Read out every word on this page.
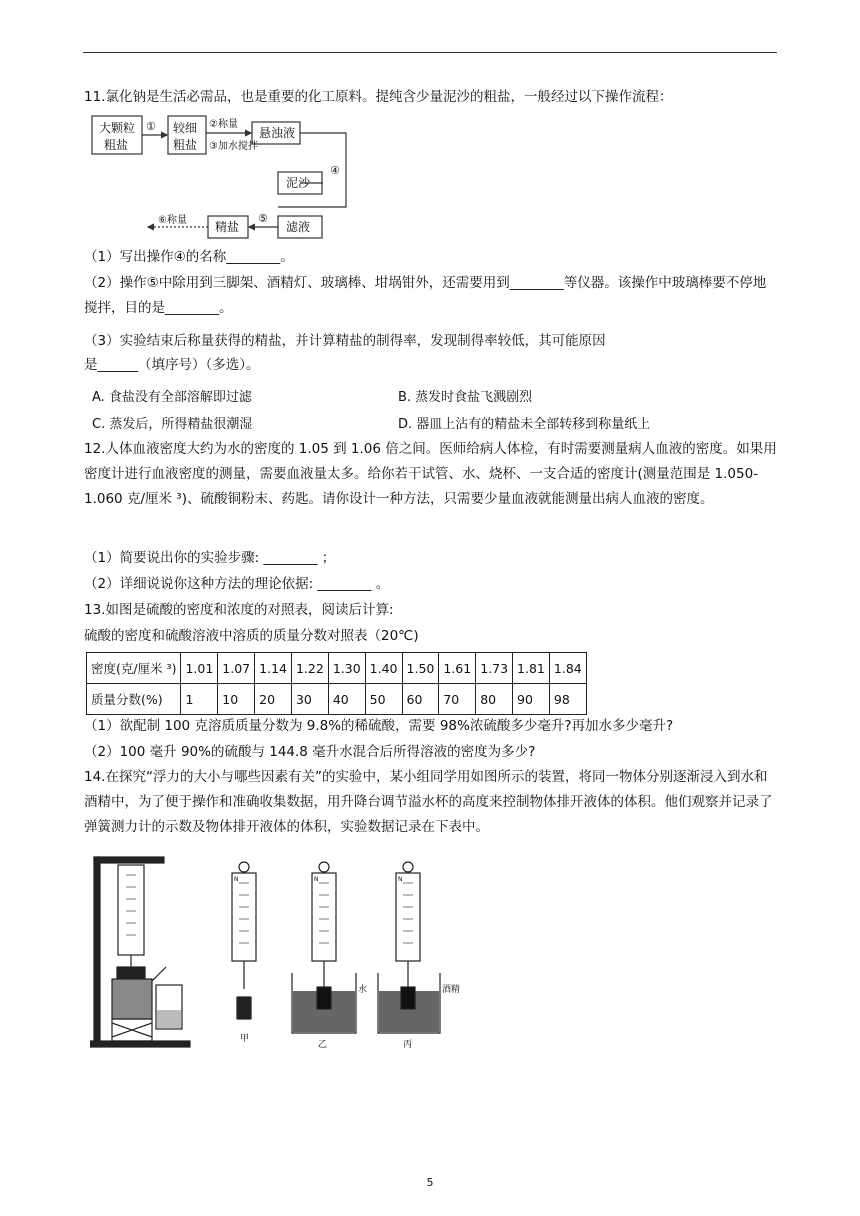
11.氯化钠是生活必需品，也是重要的化工原料。提纯含少量泥沙的粗盐，一般经过以下操作流程：
大颗粒
粗盐
较细
粗盐
悬浊液
泥沙
滤液
精盐
①	②称量
③加水搅拌
④
⑤
⑥称量
（1）写出操作④的名称________。
（2）操作⑤中除用到三脚架、酒精灯、玻璃棒、坩埚钳外，还需要用到________等仪器。该操作中玻璃棒要不停地搅拌，目的是________。
（3）实验结束后称量获得的精盐，并计算精盐的制得率，发现制得率较低，其可能原因
是______（填序号）（多选）。
A. 食盐没有全部溶解即过滤	B. 蒸发时食盐飞溅剧烈
C. 蒸发后，所得精盐很潮湿	D. 器皿上沾有的精盐未全部转移到称量纸上
12.人体血液密度大约为水的密度的 1.05 到 1.06 倍之间。医师给病人体检，有时需要测量病人血液的密度。如果用密度计进行血液密度的测量，需要血液量太多。给你若干试管、水、烧杯、一支合适的密度计(测量范围是 1.050-1.060 克/厘米 ³)、硫酸铜粉末、药匙。请你设计一种方法，只需要少量血液就能测量出病人血液的密度。
（1）简要说出你的实验步骤: ________ ；
（2）详细说说你这种方法的理论依据: ________ 。
13.如图是硫酸的密度和浓度的对照表，阅读后计算:
硫酸的密度和硫酸溶液中溶质的质量分数对照表（20℃)
密度(克/厘米 ³)	1.01	1.07	1.14	1.22	1.30	1.40	1.50	1.61	1.73	1.81	1.84
质量分数(%)	1	10	20	30	40	50	60	70	80	90	98
（1）欲配制 100 克溶质质量分数为 9.8%的稀硫酸，需要 98%浓硫酸多少毫升?再加水多少毫升?
（2）100 毫升 90%的硫酸与 144.8 毫升水混合后所得溶液的密度为多少?
14.在探究“浮力的大小与哪些因素有关”的实验中，某小组同学用如图所示的装置，将同一物体分别逐渐浸入到水和酒精中，为了便于操作和准确收集数据，用升降台调节溢水杯的高度来控制物体排开液体的体积。他们观察并记录了弹簧测力计的示数及物体排开液体的体积，实验数据记录在下表中。
N	N	N
水	酒精
甲
乙	丙
5
